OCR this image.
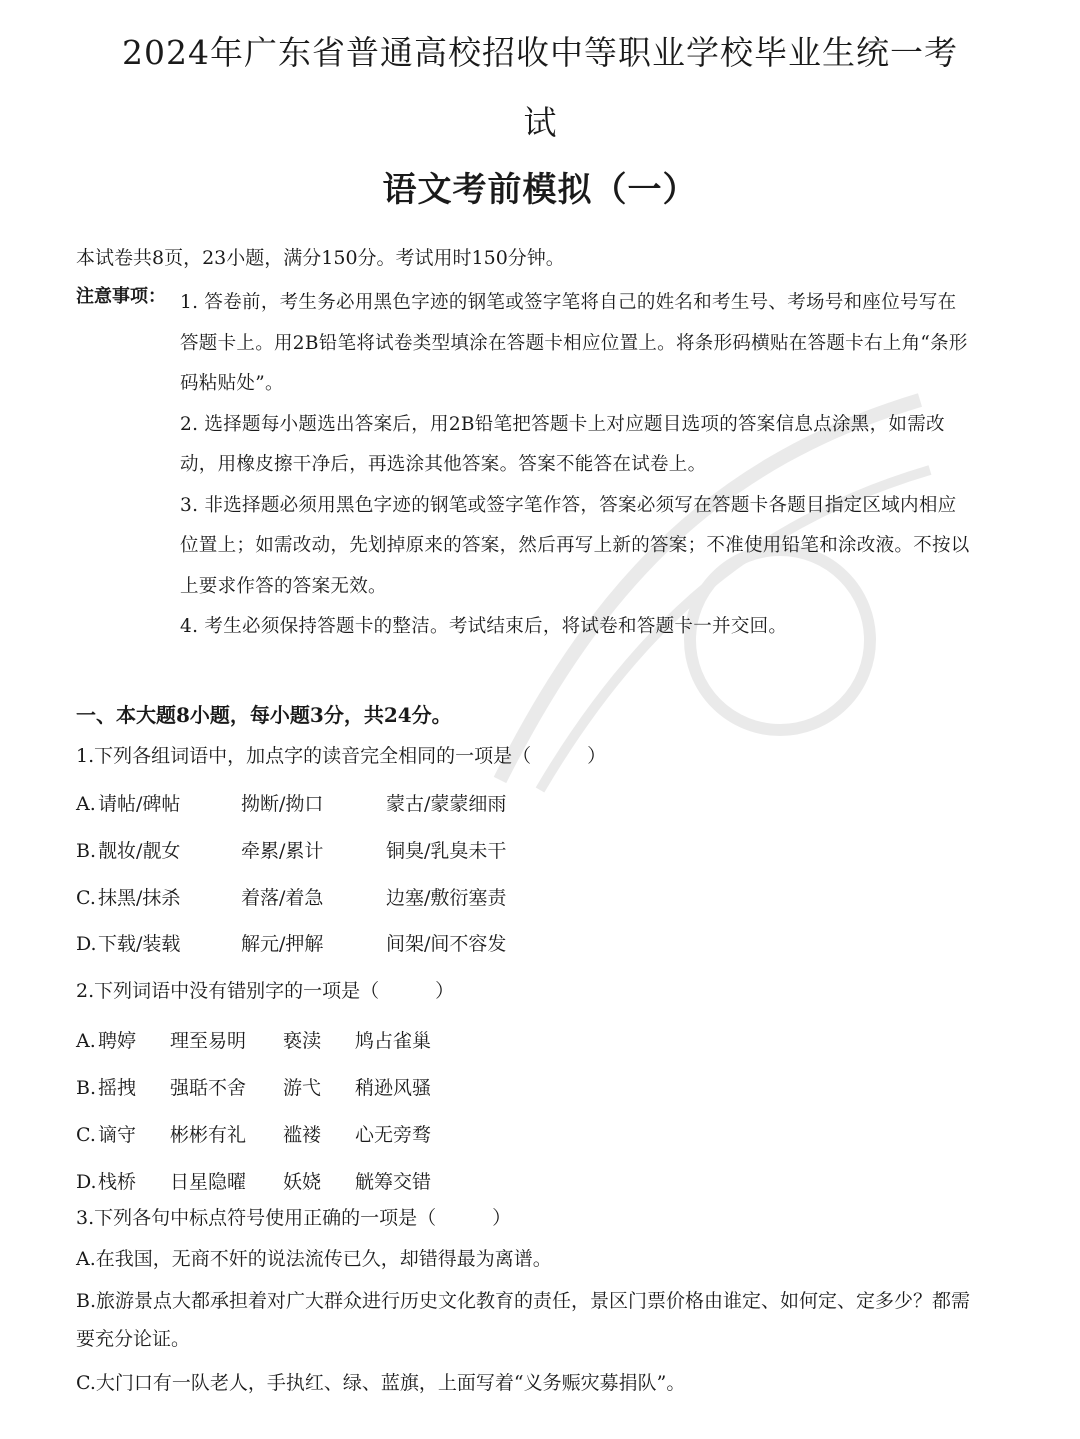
2024年广东省普通高校招收中等职业学校毕业生统一考
试
语文考前模拟（一）
本试卷共8页，23小题，满分150分。考试用时150分钟。
注意事项： 1. 答卷前，考生务必用黑色字迹的钢笔或签字笔将自己的姓名和考生号、考场号和座位号写在答题卡上。用2B铅笔将试卷类型填涂在答题卡相应位置上。将条形码横贴在答题卡右上角“条形码粘贴处”。

2. 选择题每小题选出答案后，用2B铅笔把答题卡上对应题目选项的答案信息点涂黑，如需改动，用橡皮擦干净后，再选涂其他答案。答案不能答在试卷上。

3. 非选择题必须用黑色字迹的钢笔或签字笔作答，答案必须写在答题卡各题目指定区域内相应位置上；如需改动，先划掉原来的答案，然后再写上新的答案；不准使用铅笔和涂改液。不按以上要求作答的答案无效。

4. 考生必须保持答题卡的整洁。考试结束后，将试卷和答题卡一并交回。

一、本大题8小题，每小题3分，共24分。
1.下列各组词语中，加点字的读音完全相同的一项是（	）
A. 请帖/碑帖	拗断/拗口	蒙古/蒙蒙细雨
B. 靓妆/靓女	牵累/累计	铜臭/乳臭未干
C. 抹黑/抹杀	着落/着急	边塞/敷衍塞责
D. 下载/装载	解元/押解	间架/间不容发
2.下列词语中没有错别字的一项是（	）
A. 聘婷 理至易明 亵渎 鸠占雀巢
B. 摇拽 强聒不舍 游弋 稍逊风骚
C. 谪守 彬彬有礼 褴褛 心无旁骛
D. 栈桥 日星隐曜 妖娆 觥筹交错
3.下列各句中标点符号使用正确的一项是（	）
A.在我国，无商不奸的说法流传已久，却错得最为离谱。
B.旅游景点大都承担着对广大群众进行历史文化教育的责任，景区门票价格由谁定、如何定、定多少？都需要充分论证。
C.大门口有一队老人，手执红、绿、蓝旗，上面写着“义务赈灾募捐队”。
